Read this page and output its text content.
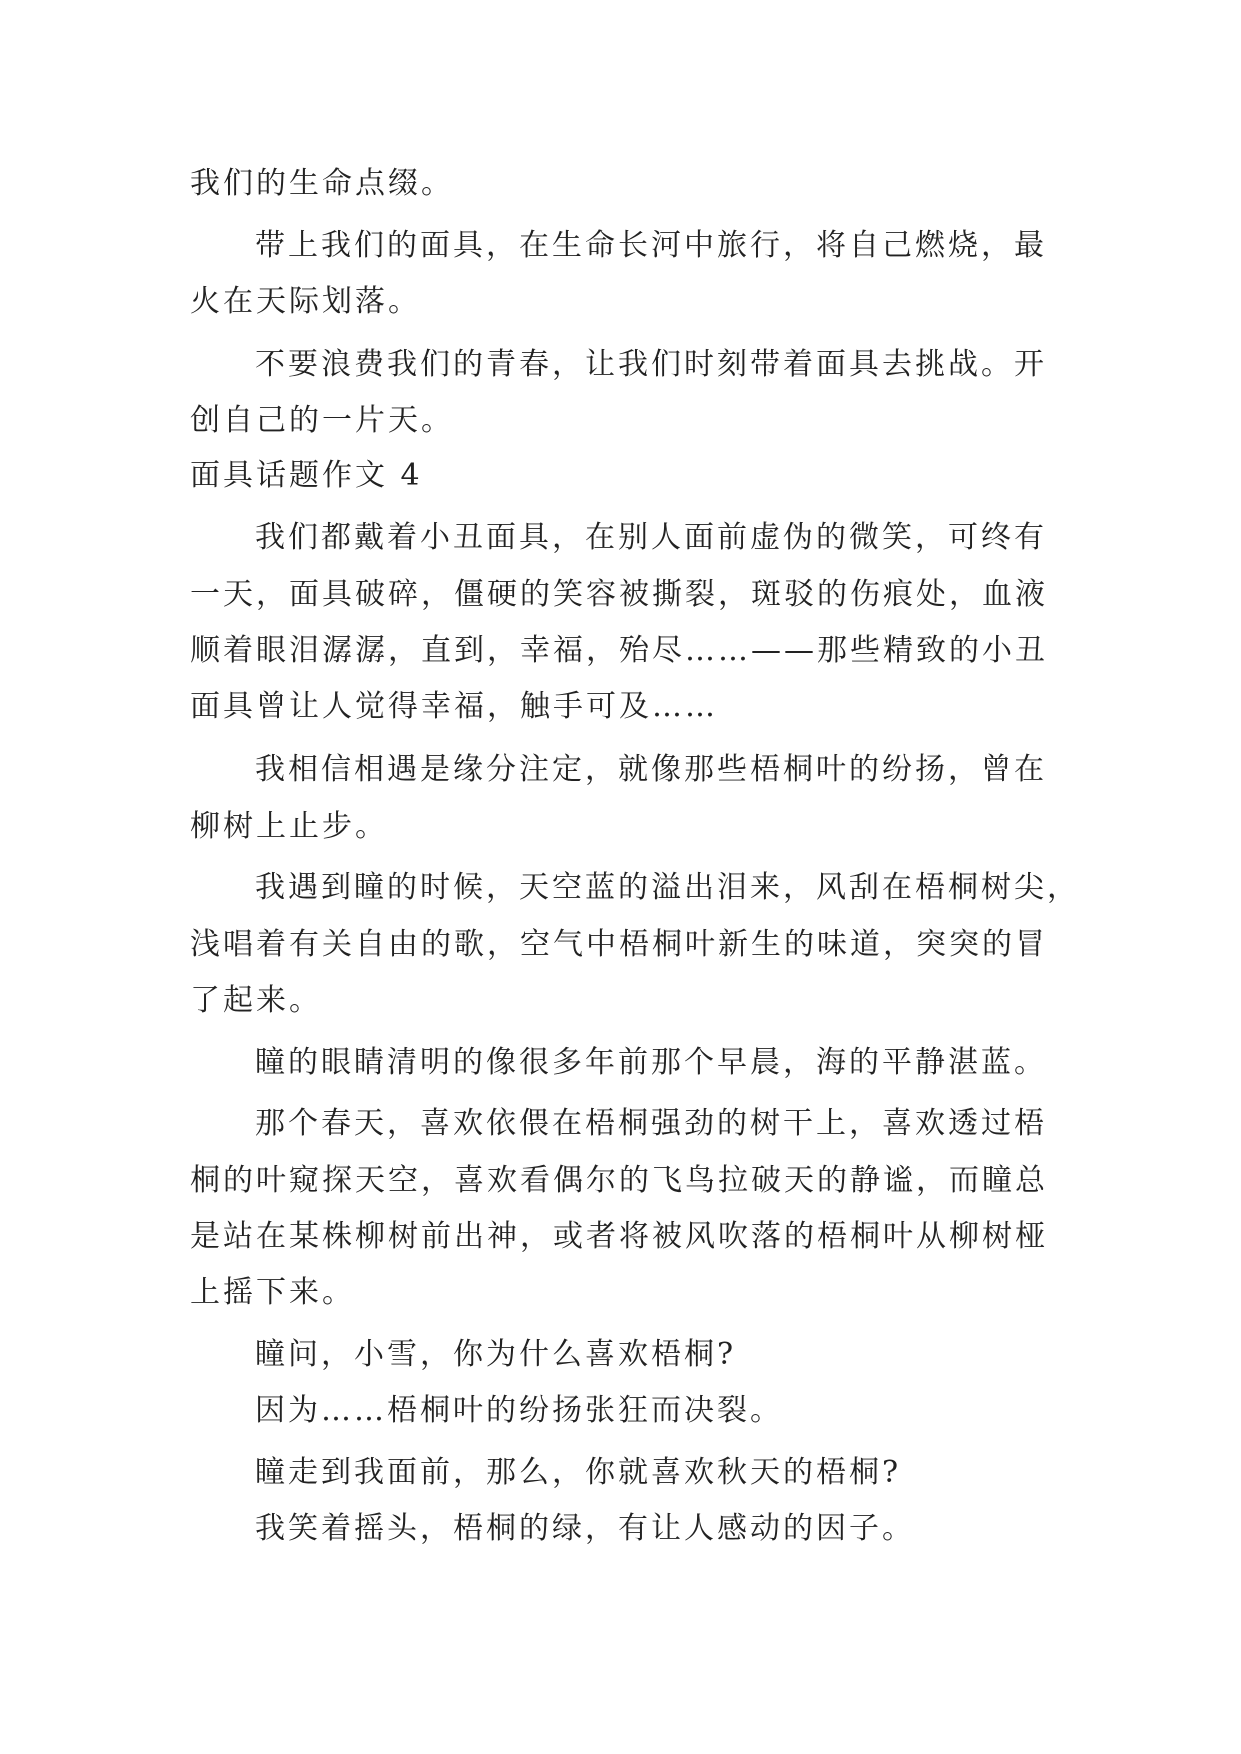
我们的生命点缀。
带上我们的面具，在生命长河中旅行，将自己燃烧，最
火在天际划落。
不要浪费我们的青春，让我们时刻带着面具去挑战。开
创自己的一片天。
面具话题作文 4
我们都戴着小丑面具，在别人面前虚伪的微笑，可终有
一天，面具破碎，僵硬的笑容被撕裂，斑驳的伤痕处，血液
顺着眼泪潺潺，直到，幸福，殆尽……——那些精致的小丑
面具曾让人觉得幸福，触手可及……
我相信相遇是缘分注定，就像那些梧桐叶的纷扬，曾在
柳树上止步。
我遇到瞳的时候，天空蓝的溢出泪来，风刮在梧桐树尖，
浅唱着有关自由的歌，空气中梧桐叶新生的味道，突突的冒
了起来。
瞳的眼睛清明的像很多年前那个早晨，海的平静湛蓝。
那个春天，喜欢依偎在梧桐强劲的树干上，喜欢透过梧
桐的叶窥探天空，喜欢看偶尔的飞鸟拉破天的静谧，而瞳总
是站在某株柳树前出神，或者将被风吹落的梧桐叶从柳树桠
上摇下来。
瞳问，小雪，你为什么喜欢梧桐?
因为……梧桐叶的纷扬张狂而决裂。
瞳走到我面前，那么，你就喜欢秋天的梧桐?
我笑着摇头，梧桐的绿，有让人感动的因子。
